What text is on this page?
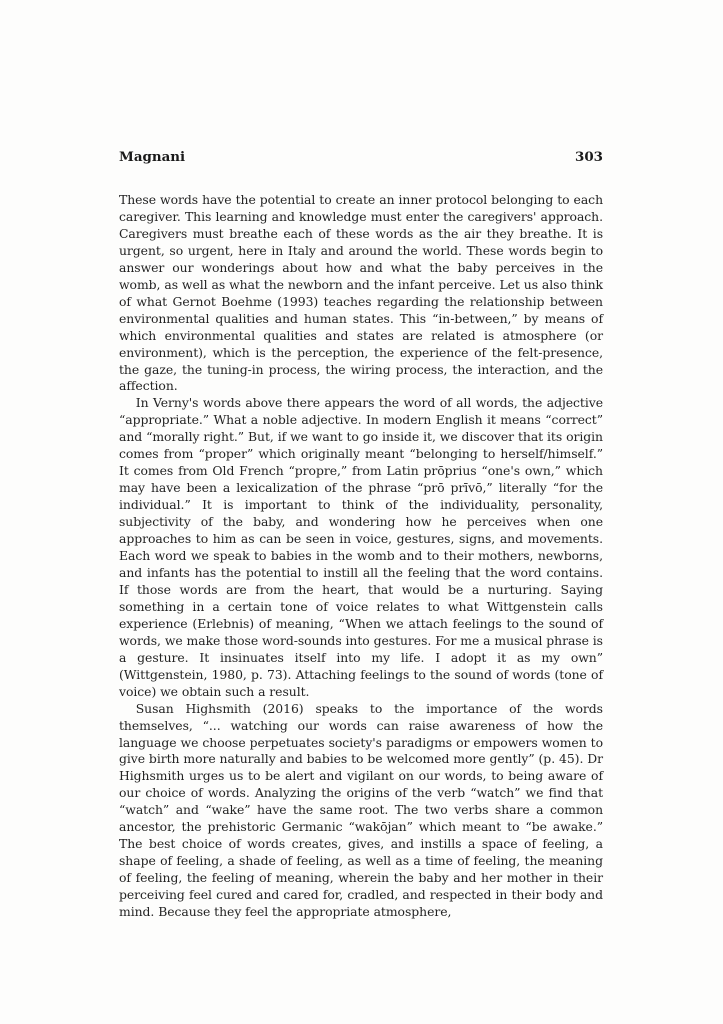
Magnani	303

These words have the potential to create an inner protocol belonging to each caregiver. This learning and knowledge must enter the caregivers' approach. Caregivers must breathe each of these words as the air they breathe. It is urgent, so urgent, here in Italy and around the world. These words begin to answer our wonderings about how and what the baby perceives in the womb, as well as what the newborn and the infant perceive. Let us also think of what Gernot Boehme (1993) teaches regarding the relationship between environmental qualities and human states. This “in-between,” by means of which environmental qualities and states are related is atmosphere (or environment), which is the perception, the experience of the felt-presence, the gaze, the tuning-in process, the wiring process, the interaction, and the affection.

In Verny's words above there appears the word of all words, the adjective “appropriate.” What a noble adjective. In modern English it means “correct” and “morally right.” But, if we want to go inside it, we discover that its origin comes from “proper” which originally meant “belonging to herself/himself.” It comes from Old French “propre,” from Latin prōprius “one's own,” which may have been a lexicalization of the phrase “prō prīvō,” literally “for the individual.” It is important to think of the individuality, personality, subjectivity of the baby, and wondering how he perceives when one approaches to him as can be seen in voice, gestures, signs, and movements. Each word we speak to babies in the womb and to their mothers, newborns, and infants has the potential to instill all the feeling that the word contains. If those words are from the heart, that would be a nurturing. Saying something in a certain tone of voice relates to what Wittgenstein calls experience (Erlebnis) of meaning, “When we attach feelings to the sound of words, we make those word-sounds into gestures. For me a musical phrase is a gesture. It insinuates itself into my life. I adopt it as my own” (Wittgenstein, 1980, p. 73). Attaching feelings to the sound of words (tone of voice) we obtain such a result.

Susan Highsmith (2016) speaks to the importance of the words themselves, “... watching our words can raise awareness of how the language we choose perpetuates society's paradigms or empowers women to give birth more naturally and babies to be welcomed more gently” (p. 45). Dr Highsmith urges us to be alert and vigilant on our words, to being aware of our choice of words. Analyzing the origins of the verb “watch” we find that “watch” and “wake” have the same root. The two verbs share a common ancestor, the prehistoric Germanic “wakōjan” which meant to “be awake.” The best choice of words creates, gives, and instills a space of feeling, a shape of feeling, a shade of feeling, as well as a time of feeling, the meaning of feeling, the feeling of meaning, wherein the baby and her mother in their perceiving feel cured and cared for, cradled, and respected in their body and mind. Because they feel the appropriate atmosphere,
